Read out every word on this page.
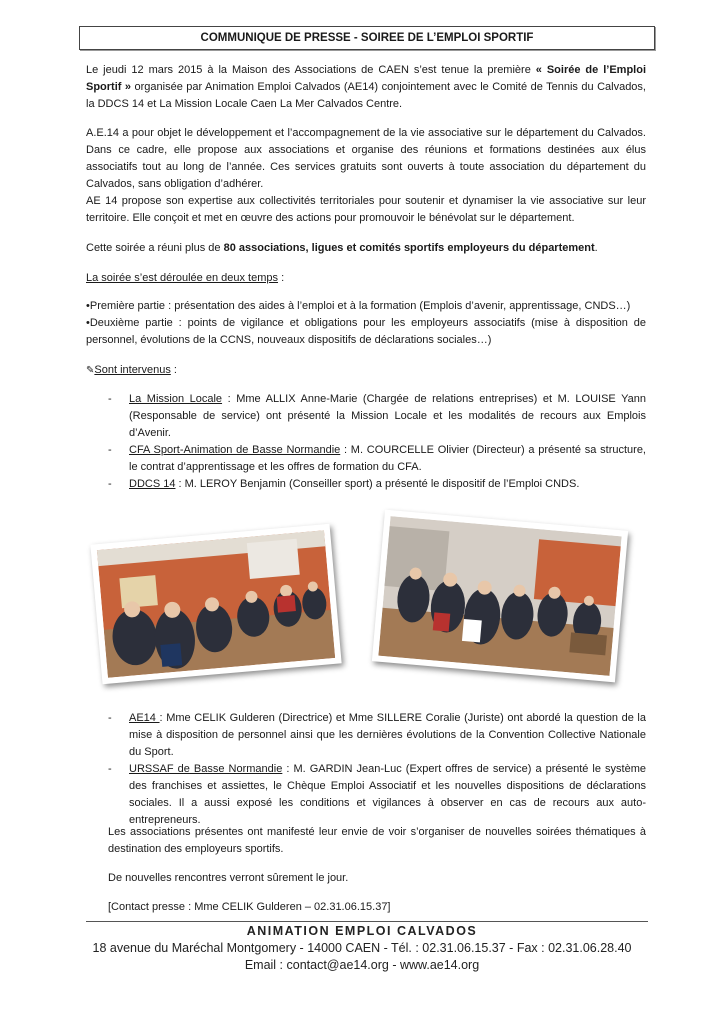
COMMUNIQUE DE PRESSE - SOIREE DE L’EMPLOI SPORTIF

Le jeudi 12 mars 2015 à la Maison des Associations de CAEN s’est tenue la première « Soirée de l’Emploi Sportif » organisée par Animation Emploi Calvados (AE14) conjointement avec le Comité de Tennis du Calvados, la DDCS 14 et La Mission Locale Caen La Mer Calvados Centre.

A.E.14 a pour objet le développement et l’accompagnement de la vie associative sur le département du Calvados. Dans ce cadre, elle propose aux associations et organise des réunions et formations destinées aux élus associatifs tout au long de l’année. Ces services gratuits sont ouverts à toute association du département du Calvados, sans obligation d’adhérer.

AE 14 propose son expertise aux collectivités territoriales pour soutenir et dynamiser la vie associative sur leur territoire. Elle conçoit et met en œuvre des actions pour promouvoir le bénévolat sur le département.

Cette soirée a réuni plus de 80 associations, ligues et comités sportifs employeurs du département.

La soirée s’est déroulée en deux temps :

•Première partie : présentation des aides à l’emploi et à la formation (Emplois d’avenir, apprentissage, CNDS…)

•Deuxième partie : points de vigilance et obligations pour les employeurs associatifs (mise à disposition de personnel, évolutions de la CCNS, nouveaux dispositifs de déclarations sociales…)

✎Sont intervenus :

- La Mission Locale : Mme ALLIX Anne-Marie (Chargée de relations entreprises) et M. LOUISE Yann (Responsable de service) ont présenté la Mission Locale et les modalités de recours aux Emplois d’Avenir.

- CFA Sport-Animation de Basse Normandie : M. COURCELLE Olivier (Directeur) a présenté sa structure, le contrat d’apprentissage et les offres de formation du CFA.

- DDCS 14 : M. LEROY Benjamin (Conseiller sport) a présenté le dispositif de l’Emploi CNDS.

- AE14 : Mme CELIK Gulderen (Directrice) et Mme SILLERE Coralie (Juriste) ont abordé la question de la mise à disposition de personnel ainsi que les dernières évolutions de la Convention Collective Nationale du Sport.

- URSSAF de Basse Normandie : M. GARDIN Jean-Luc (Expert offres de service) a présenté le système des franchises et assiettes, le Chèque Emploi Associatif et les nouvelles dispositions de déclarations sociales. Il a aussi exposé les conditions et vigilances à observer en cas de recours aux auto-entrepreneurs.

Les associations présentes ont manifesté leur envie de voir s’organiser de nouvelles soirées thématiques à destination des employeurs sportifs.

De nouvelles rencontres verront sûrement le jour.

[Contact presse : Mme CELIK Gulderen – 02.31.06.15.37]

ANIMATION EMPLOI CALVADOS
18 avenue du Maréchal Montgomery - 14000 CAEN - Tél. : 02.31.06.15.37 - Fax : 02.31.06.28.40
Email : contact@ae14.org - www.ae14.org
